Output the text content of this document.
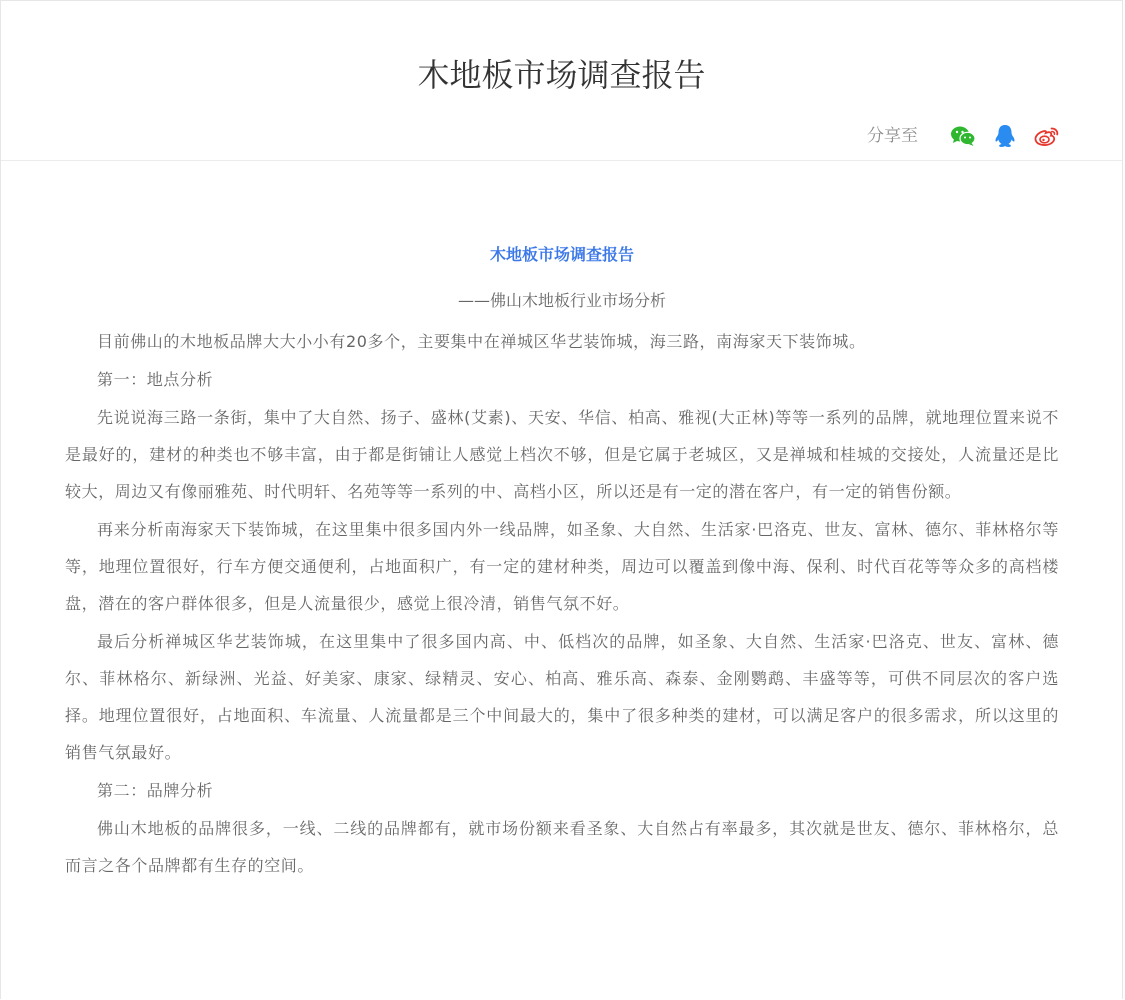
木地板市场调查报告
分享至

木地板市场调查报告

——佛山木地板行业市场分析

目前佛山的木地板品牌大大小小有20多个，主要集中在禅城区华艺装饰城，海三路，南海家天下装饰城。

第一：地点分析

先说说海三路一条街，集中了大自然、扬子、盛林(艾素)、天安、华信、柏高、雅视(大正林)等等一系列的品牌，就地理位置来说不是最好的，建材的种类也不够丰富，由于都是街铺让人感觉上档次不够，但是它属于老城区，又是禅城和桂城的交接处，人流量还是比较大，周边又有像丽雅苑、时代明轩、名苑等等一系列的中、高档小区，所以还是有一定的潜在客户，有一定的销售份额。

再来分析南海家天下装饰城，在这里集中很多国内外一线品牌，如圣象、大自然、生活家·巴洛克、世友、富林、德尔、菲林格尔等等，地理位置很好，行车方便交通便利，占地面积广，有一定的建材种类，周边可以覆盖到像中海、保利、时代百花等等众多的高档楼盘，潜在的客户群体很多，但是人流量很少，感觉上很冷清，销售气氛不好。

最后分析禅城区华艺装饰城，在这里集中了很多国内高、中、低档次的品牌，如圣象、大自然、生活家·巴洛克、世友、富林、德尔、菲林格尔、新绿洲、光益、好美家、康家、绿精灵、安心、柏高、雅乐高、森泰、金刚鹦鹉、丰盛等等，可供不同层次的客户选择。地理位置很好，占地面积、车流量、人流量都是三个中间最大的，集中了很多种类的建材，可以满足客户的很多需求，所以这里的销售气氛最好。

第二：品牌分析

佛山木地板的品牌很多，一线、二线的品牌都有，就市场份额来看圣象、大自然占有率最多，其次就是世友、德尔、菲林格尔，总而言之各个品牌都有生存的空间。
